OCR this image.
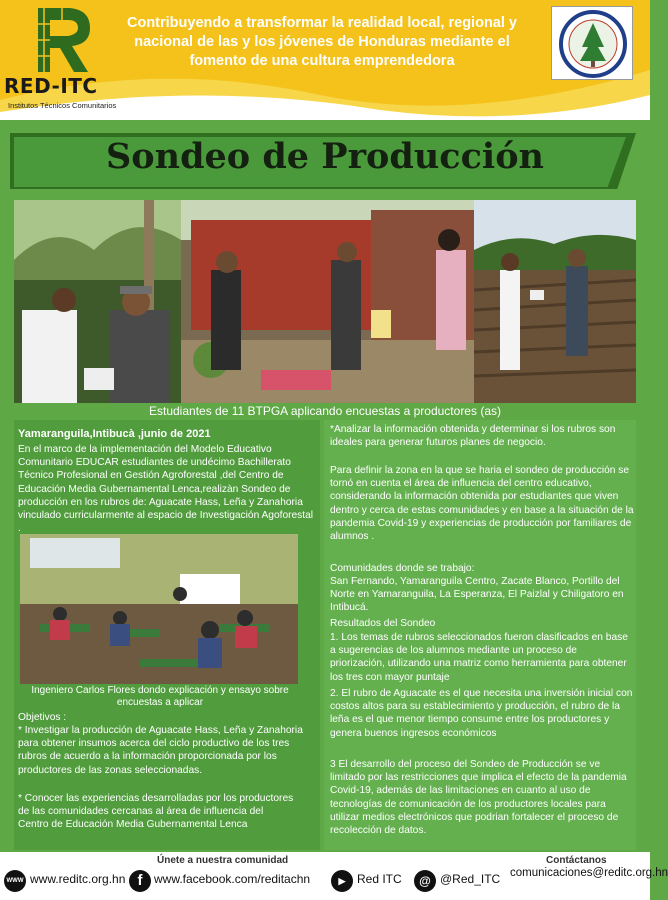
RED-ITC
Institutos Técnicos Comunitarios
Contribuyendo a transformar la realidad local, regional y nacional de las y los jóvenes de Honduras mediante el fomento de una cultura emprendedora
Sondeo de Producción
Estudiantes de 11 BTPGA aplicando encuestas a productores (as)
Yamaranguila,Intibucà ,junio de 2021
En el marco de la implementación del Modelo Educativo Comunitario EDUCAR estudiantes de undécimo Bachillerato Técnico Profesional en Gestión Agroforestal ,del Centro de Educación Media Gubernamental Lenca,realizàn Sondeo de producción en los rubros de: Aguacate Hass, Leña y Zanahoria vinculado curricularmente al espacio de Investigación Agoforestal .
Ingeniero Carlos Flores dondo explicación y ensayo sobre encuestas a aplicar
Objetivos :
* Investigar la producción de Aguacate Hass, Leña y Zanahoria para obtener insumos acerca del ciclo productivo de los tres rubros de acuerdo a la información proporcionada por los productores de las zonas seleccionadas.
* Conocer las experiencias desarrolladas por los productores de las comunidades cercanas al área de influencia del Centro de Educación Media Gubernamental Lenca
*Analizar la información obtenida y determinar si los rubros son ideales para generar futuros planes de negocio.
Para definir la zona en la que se haria el sondeo de producción se tornó en cuenta el área de influencia del centro educativo, considerando la información obtenida por estudiantes que viven dentro y cerca de estas comunidades y en base a la situación de la pandemia Covid-19 y experiencias de producción por familiares de alumnos .
Comunidades donde se trabajo:
San Fernando, Yamaranguila Centro, Zacate Blanco, Portillo del Norte en Yamaranguila, La Esperanza, El Paizlal y Chiligatoro en Intibucá.
Resultados del Sondeo
1. Los temas de rubros seleccionados fueron clasificados en base a sugerencias de los alumnos mediante un proceso de priorización, utilizando una matriz como herramienta para obtener los tres con mayor puntaje
2. El rubro de Aguacate es el que necesita una inversión inicial con costos altos para su establecimiento y producción, el rubro de la leña es el que menor tiempo consume entre los productores y genera buenos ingresos económicos
3 El desarrollo del proceso del Sondeo de Producción se ve limitado por las restricciones que implica el efecto de la pandemia Covid-19, además de las limitaciones en cuanto al uso de tecnologías de comunicación de los productores locales para utilizar medios electrónicos que podrian fortalecer el proceso de recolección de datos.
Únete a nuestra comunidad	Contáctanos
WWW www.reditc.org.hn f www.facebook.com/reditachn	▶ Red ITC	@ @Red_ITC comunicaciones@reditc.org.hn
